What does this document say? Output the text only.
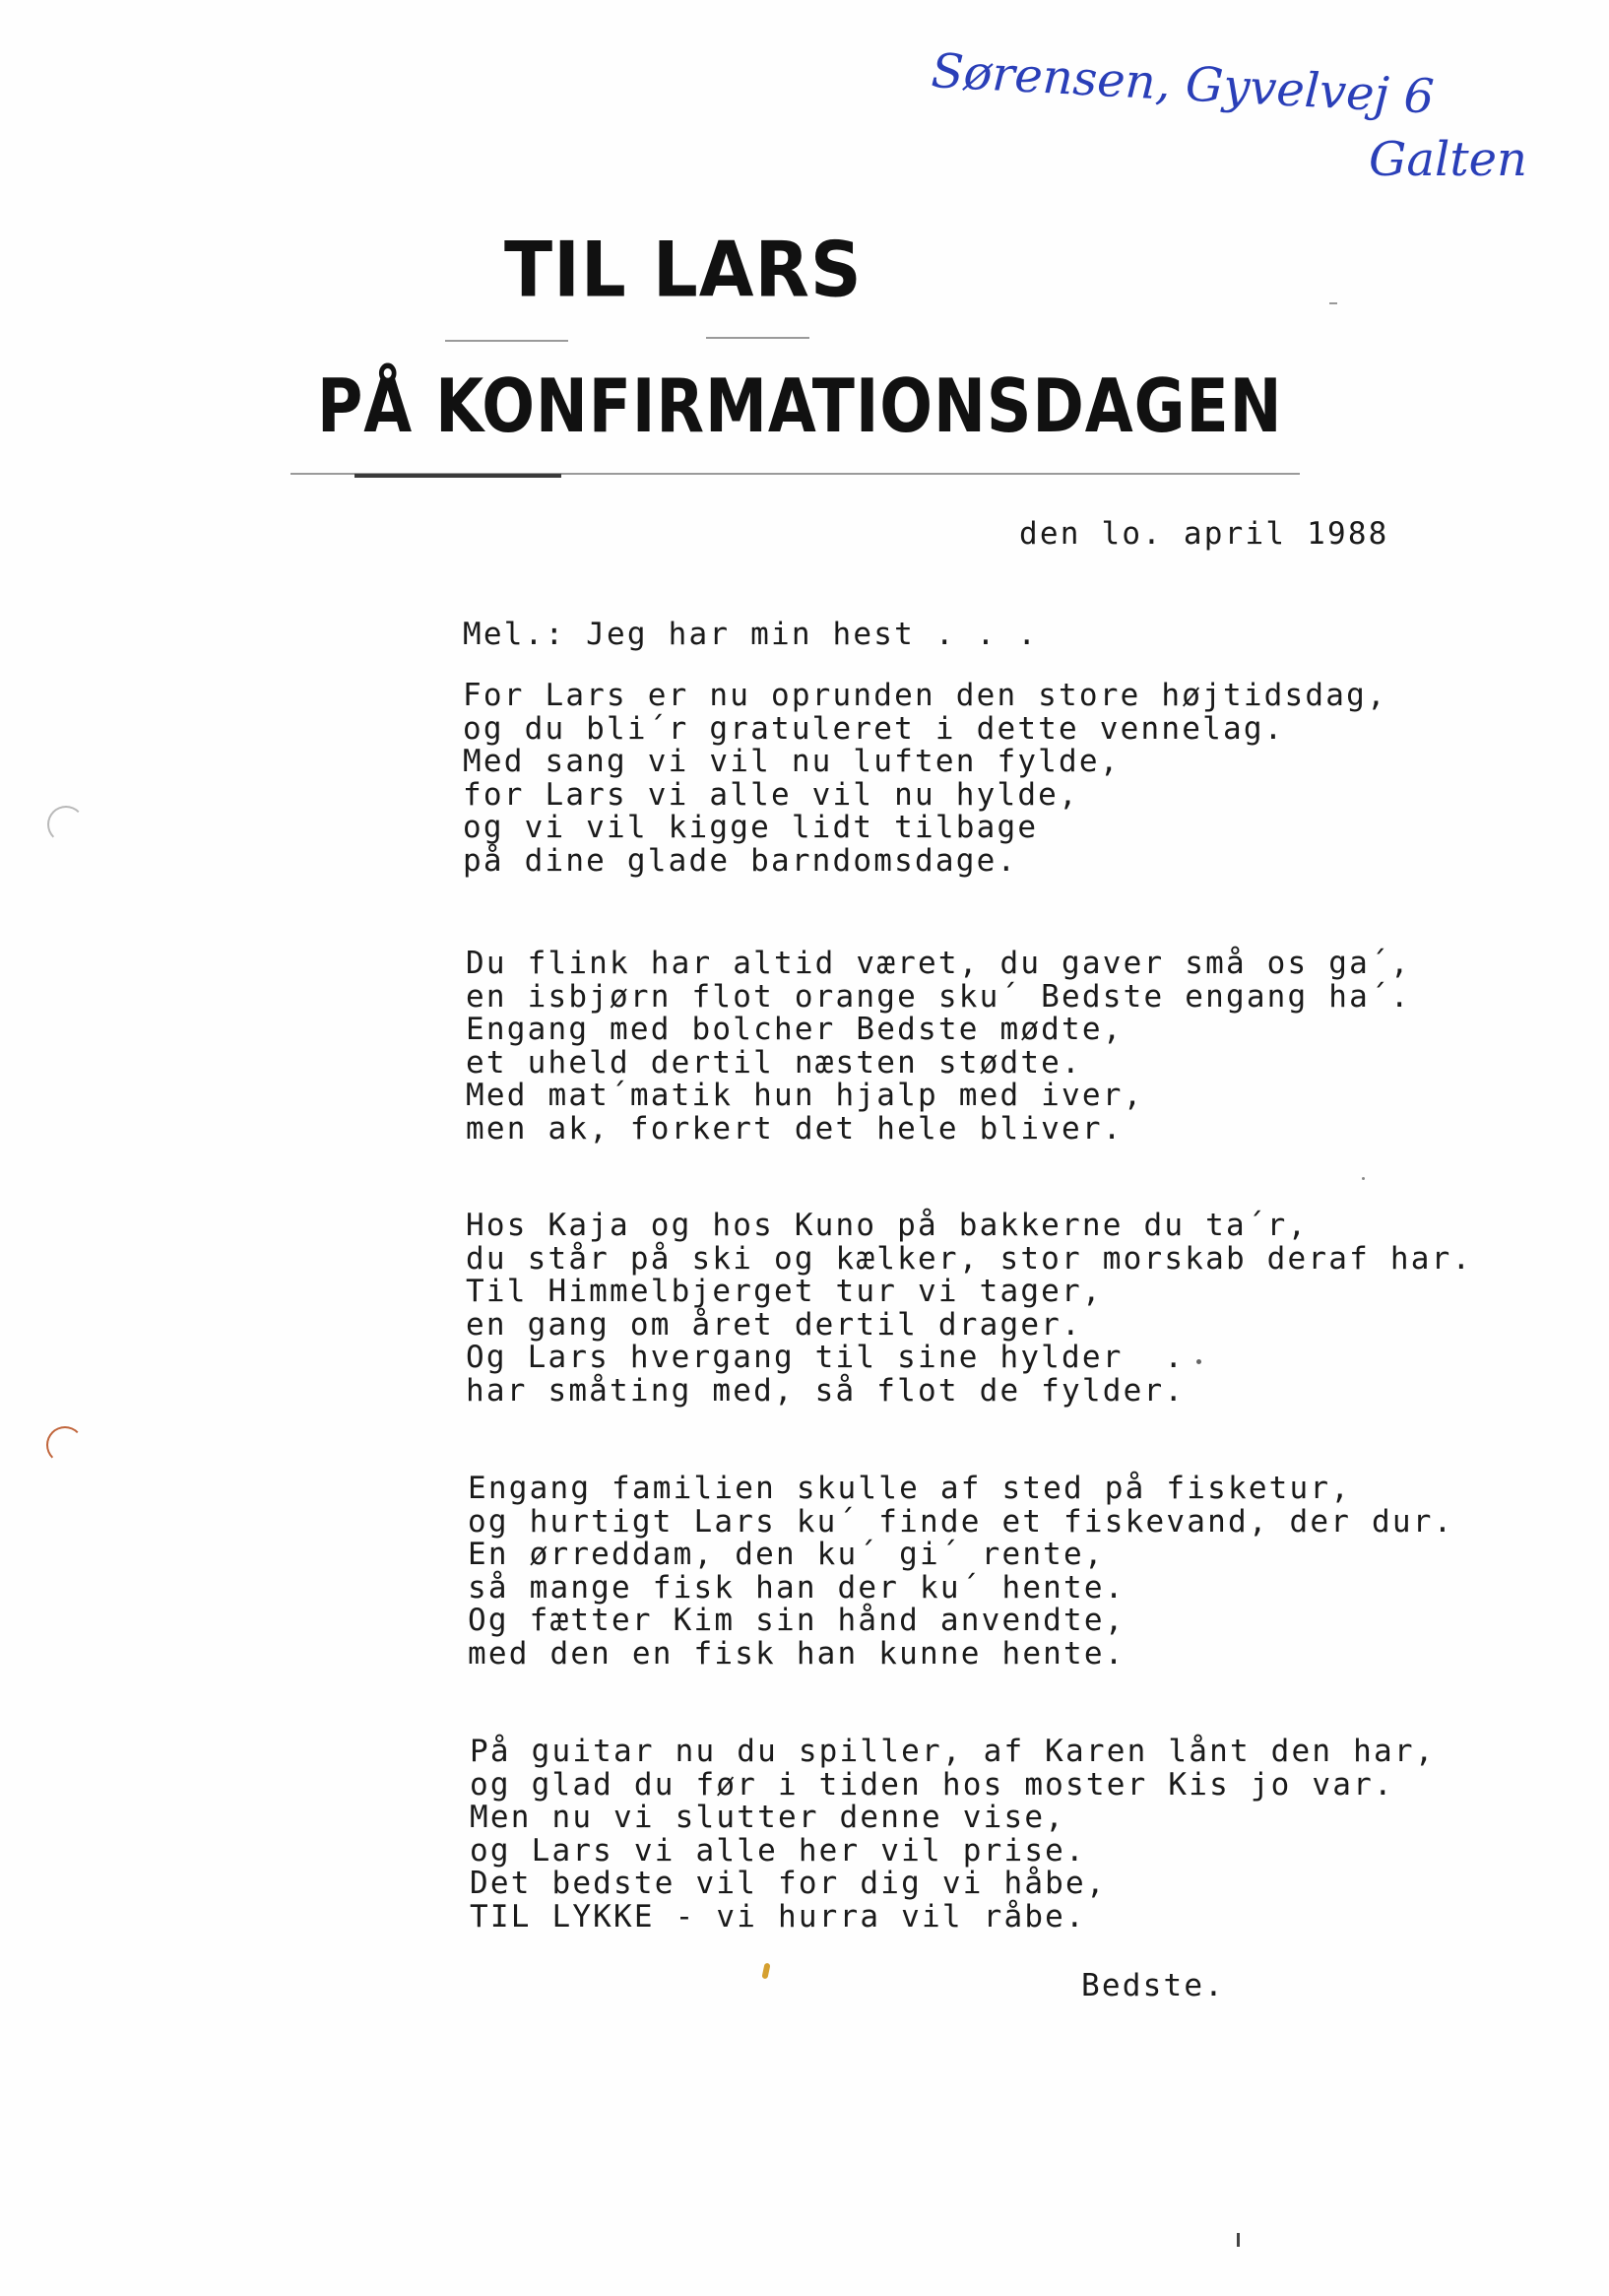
Sørensen, Gyvelvej 6
Galten
TIL LARS
PÅ KONFIRMATIONSDAGEN

den lo. april 1988

Mel.: Jeg har min hest . . .

For Lars er nu oprunden den store højtidsdag,
og du bli´r gratuleret i dette vennelag.
Med sang vi vil nu luften fylde,
for Lars vi alle vil nu hylde,
og vi vil kigge lidt tilbage
på dine glade barndomsdage.
Du flink har altid været, du gaver små os ga´,
en isbjørn flot orange sku´ Bedste engang ha´.
Engang med bolcher Bedste mødte,
et uheld dertil næsten stødte.
Med mat´matik hun hjalp med iver,
men ak, forkert det hele bliver.
Hos Kaja og hos Kuno på bakkerne du ta´r,
du står på ski og kælker, stor morskab deraf har.
Til Himmelbjerget tur vi tager,
en gang om året dertil drager.
Og Lars hvergang til sine hylder  .
har småting med, så flot de fylder.
Engang familien skulle af sted på fisketur,
og hurtigt Lars ku´ finde et fiskevand, der dur.
En ørreddam, den ku´ gi´ rente,
så mange fisk han der ku´ hente.
Og fætter Kim sin hånd anvendte,
med den en fisk han kunne hente.
På guitar nu du spiller, af Karen lånt den har,
og glad du før i tiden hos moster Kis jo var.
Men nu vi slutter denne vise,
og Lars vi alle her vil prise.
Det bedste vil for dig vi håbe,
TIL LYKKE - vi hurra vil råbe.

Bedste.
